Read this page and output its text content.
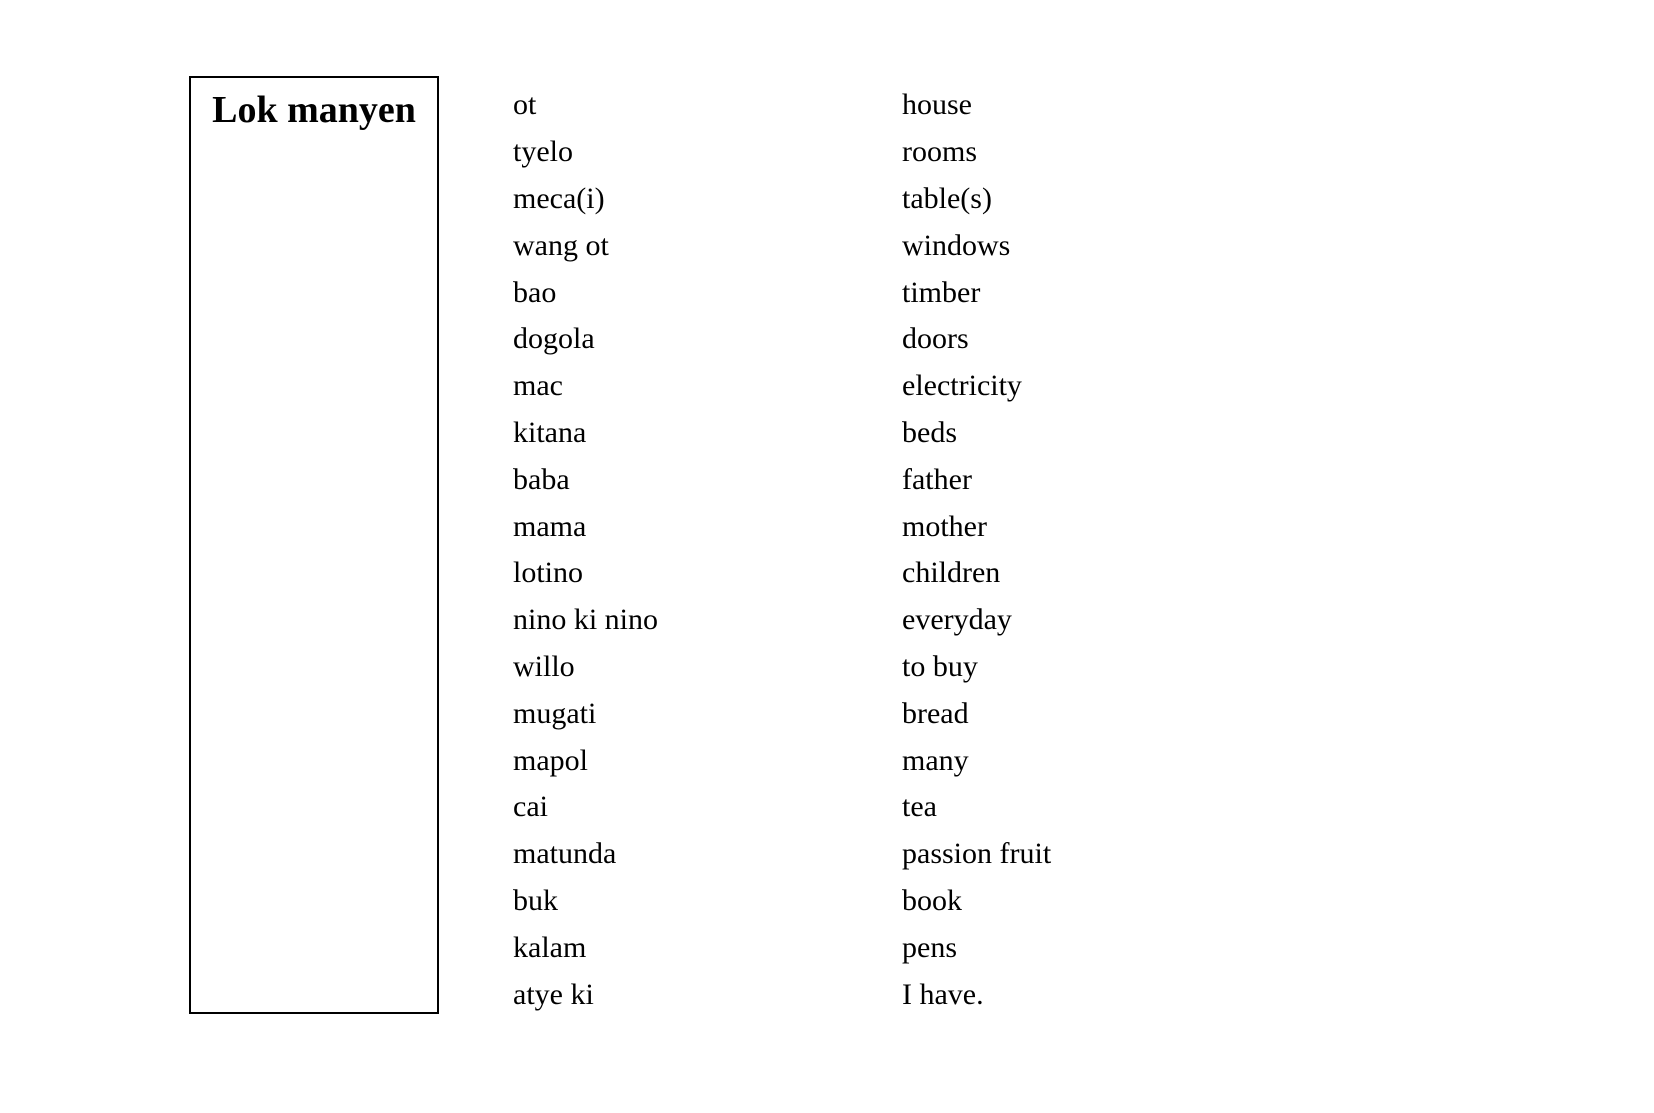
Lok manyen	ot	house
tyelo	rooms
meca(i)	table(s)
wang ot	windows
bao	timber
dogola	doors
mac	electricity
kitana	beds
baba	father
mama	mother
lotino	children
nino ki nino	everyday
willo	to buy
mugati	bread
mapol	many
cai	tea
matunda	passion fruit
buk	book
kalam	pens
atye ki	I have.
